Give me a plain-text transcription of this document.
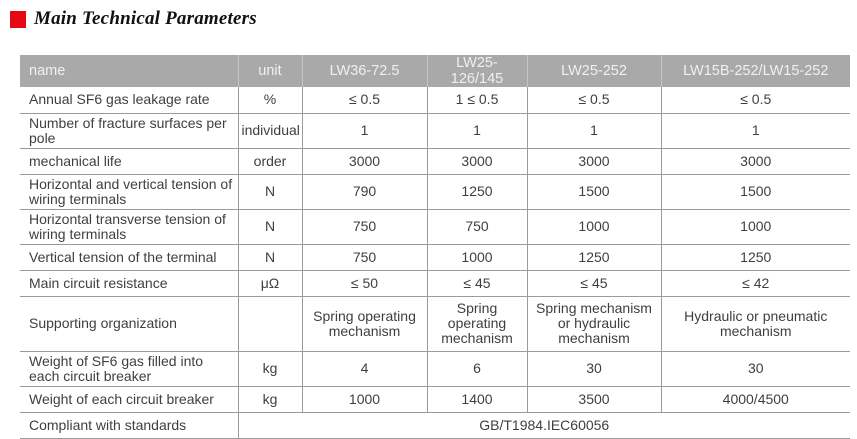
Main Technical Parameters
name	unit	LW36-72.5	LW25-126/145	LW25-252	LW15B-252/LW15-252
Annual SF6 gas leakage rate	%	≤ 0.5	1 ≤ 0.5	≤ 0.5	≤ 0.5
Number of fracture surfaces per pole	individual	1	1	1	1
mechanical life	order	3000	3000	3000	3000
Horizontal and vertical tension of wiring terminals	N	790	1250	1500	1500
Horizontal transverse tension of wiring terminals	N	750	750	1000	1000
Vertical tension of the terminal	N	750	1000	1250	1250
Main circuit resistance	μΩ	≤ 50	≤ 45	≤ 45	≤ 42
Supporting organization		Spring operating mechanism	Spring operating mechanism	Spring mechanism or hydraulic mechanism	Hydraulic or pneumatic mechanism
Weight of SF6 gas filled into each circuit breaker	kg	4	6	30	30
Weight of each circuit breaker	kg	1000	1400	3500	4000/4500
Compliant with standards	GB/T1984.IEC60056				
